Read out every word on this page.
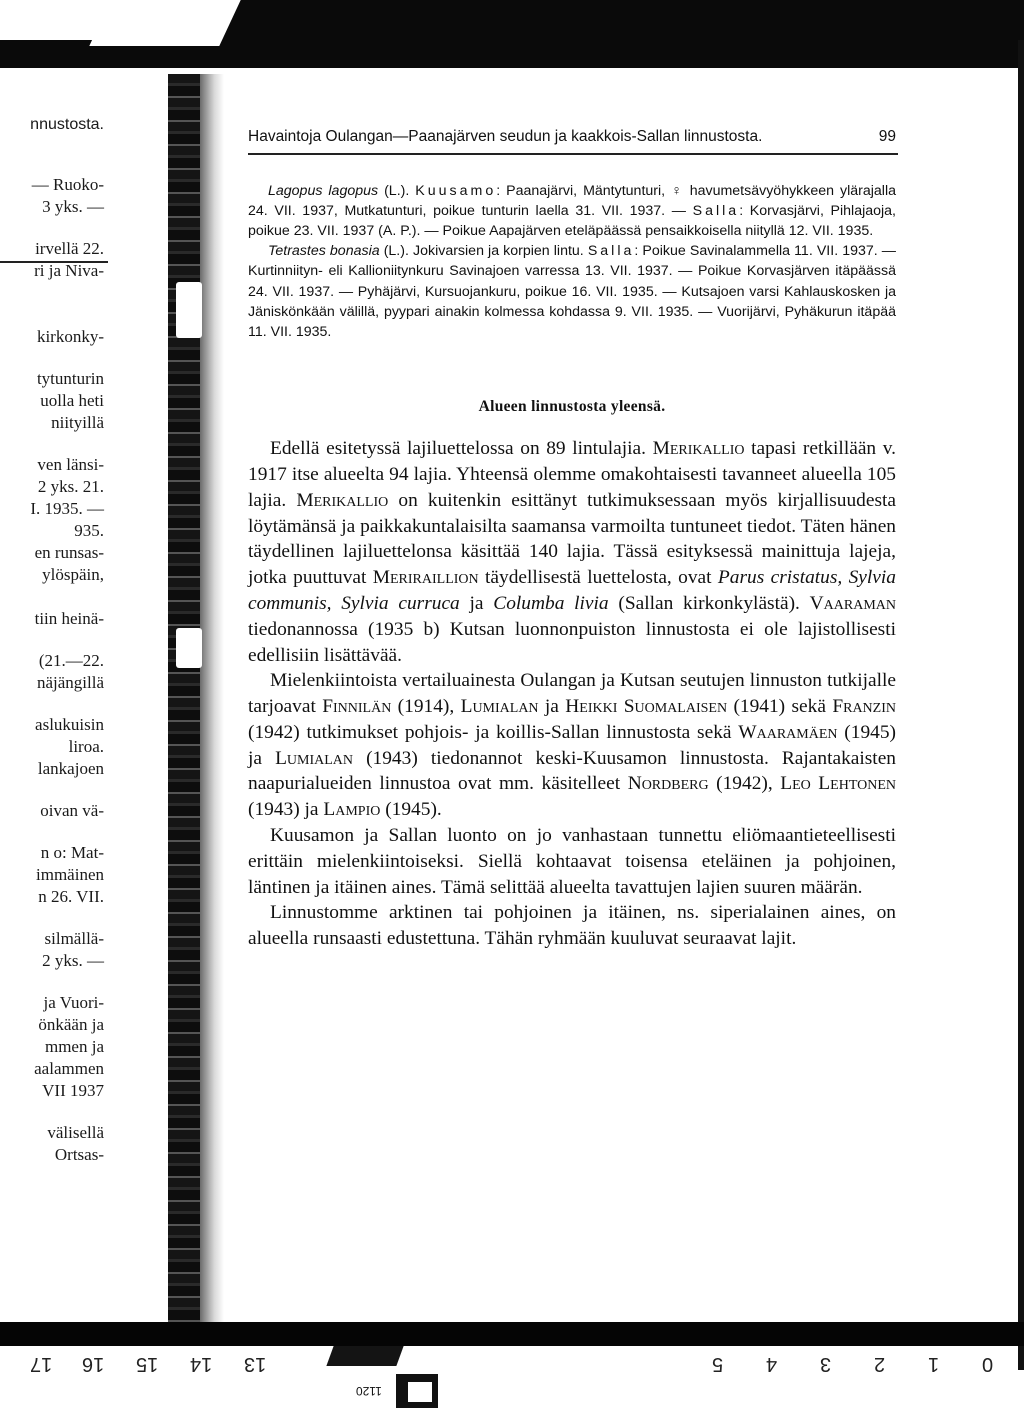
nnustosta.
— Ruoko-
3 yks. —
irvellä 22.
ri ja Niva-
kirkonky-
tytunturin
uolla heti
niityillä
ven länsi-
2 yks. 21.
I. 1935. —
935.
en runsas-
ylöspäin,
tiin heinä-
(21.—22.
näjängillä
aslukuisin
liroa.
lankajoen
oivan vä-
n o: Mat-
immäinen
n 26. VII.
silmällä-
2 yks. —
ja Vuori-
önkään ja
mmen ja
aalammen
VII 1937
välisellä
Ortsas-
Havaintoja Oulangan—Paanajärven seudun ja kaakkois-Sallan linnustosta.	99

Lagopus lagopus (L.). Kuusamo: Paanajärvi, Mäntytunturi, ♀ havumetsävyöhykkeen ylärajalla 24. VII. 1937, Mutkatunturi, poikue tunturin laella 31. VII. 1937. — Salla: Korvasjärvi, Pihlajaoja, poikue 23. VII. 1937 (A. P.). — Poikue Aapajärven eteläpäässä pensaikkoisella niityllä 12. VII. 1935.

Tetrastes bonasia (L.). Jokivarsien ja korpien lintu. Salla: Poikue Savinalammella 11. VII. 1937. — Kurtinniityn- eli Kallioniitynkuru Savinajoen varressa 13. VII. 1937. — Poikue Korvasjärven itäpäässä 24. VII. 1937. — Pyhäjärvi, Kursuojankuru, poikue 16. VII. 1935. — Kutsajoen varsi Kahlauskosken ja Jäniskönkään välillä, pyypari ainakin kolmessa kohdassa 9. VII. 1935. — Vuorijärvi, Pyhäkurun itäpää 11. VII. 1935.

Alueen linnustosta yleensä.

Edellä esitetyssä lajiluettelossa on 89 lintulajia. Merikallio tapasi retkillään v. 1917 itse alueelta 94 lajia. Yhteensä olemme omakohtaisesti tavanneet alueella 105 lajia. Merikallio on kuitenkin esittänyt tutkimuksessaan myös kirjallisuudesta löytämänsä ja paikkakuntalaisilta saamansa varmoilta tuntuneet tiedot. Täten hänen täydellinen lajiluettelonsa käsittää 140 lajia. Tässä esityksessä mainittuja lajeja, jotka puuttuvat Meriraillion täydellisestä luettelosta, ovat Parus cristatus, Sylvia communis, Sylvia curruca ja Columba livia (Sallan kirkonkylästä). Vaaraman tiedonannossa (1935 b) Kutsan luonnonpuiston linnustosta ei ole lajistollisesti edellisiin lisättävää.

Mielenkiintoista vertailuainesta Oulangan ja Kutsan seutujen linnuston tutkijalle tarjoavat Finnilän (1914), Lumialan ja Heikki Suomalaisen (1941) sekä Franzin (1942) tutkimukset pohjois- ja koillis-Sallan linnustosta sekä Waaramäen (1945) ja Lumialan (1943) tiedonannot keski-Kuusamon linnustosta. Rajantakaisten naapurialueiden linnustoa ovat mm. käsitelleet Nordberg (1942), Leo Lehtonen (1943) ja Lampio (1945).

Kuusamon ja Sallan luonto on jo vanhastaan tunnettu eliömaantieteellisesti erittäin mielenkiintoiseksi. Siellä kohtaavat toisensa eteläinen ja pohjoinen, läntinen ja itäinen aines. Tämä selittää alueelta tavattujen lajien suuren määrän.

Linnustomme arktinen tai pohjoinen ja itäinen, ns. siperialainen aines, on alueella runsaasti edustettuna. Tähän ryhmään kuuluvat seuraavat lajit.

1120
17 16 15 14 13	5 4 3 2 1 0
